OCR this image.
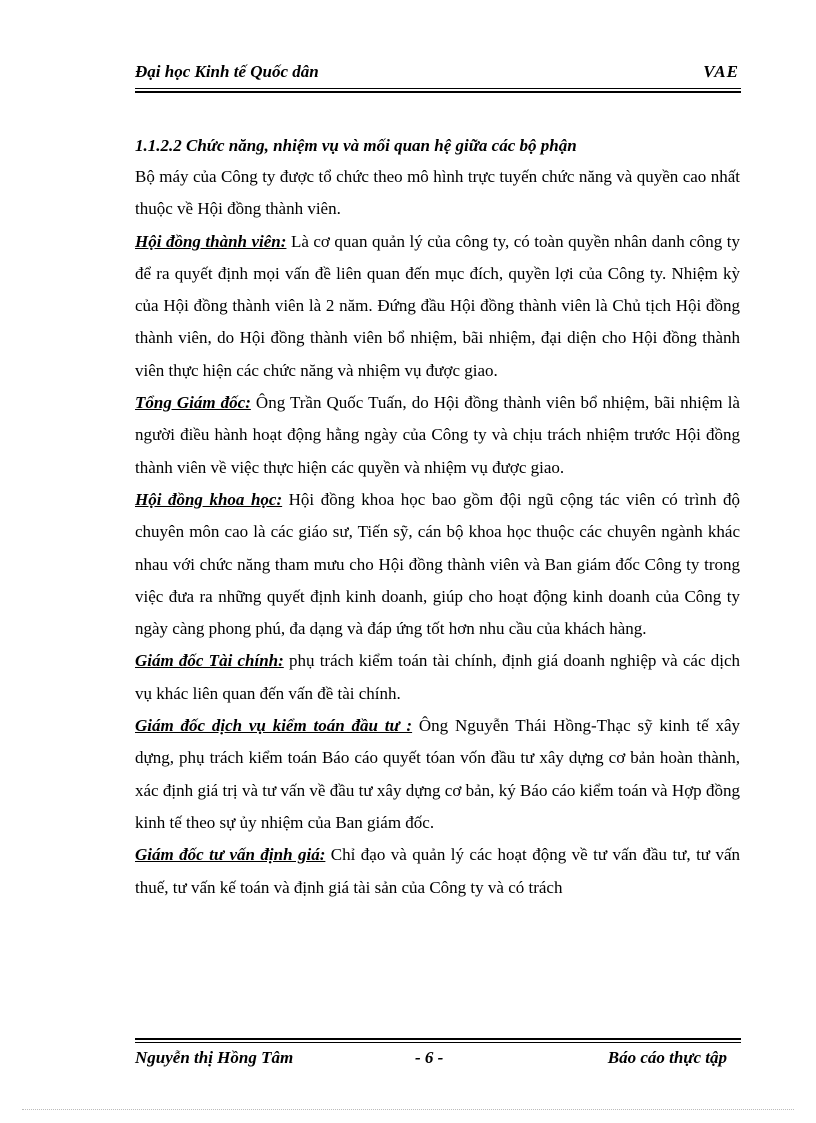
Đại học Kinh tế Quốc dân	VAE
1.1.2.2 Chức năng, nhiệm vụ và mối quan hệ giữa các bộ phận

Bộ máy của Công ty được tổ chức theo mô hình trực tuyến chức năng và quyền cao nhất thuộc về Hội đồng thành viên.

Hội đồng thành viên: Là cơ quan quản lý của công ty, có toàn quyền nhân danh công ty để ra quyết định mọi vấn đề liên quan đến mục đích, quyền lợi của Công ty. Nhiệm kỳ của Hội đồng thành viên là 2 năm. Đứng đầu Hội đồng thành viên là Chủ tịch Hội đồng thành viên, do Hội đồng thành viên bổ nhiệm, bãi nhiệm, đại diện cho Hội đồng thành viên thực hiện các chức năng và nhiệm vụ được giao.

Tổng Giám đốc: Ông Trần Quốc Tuấn, do Hội đồng thành viên bổ nhiệm, bãi nhiệm là người điều hành hoạt động hằng ngày của Công ty và chịu trách nhiệm trước Hội đồng thành viên về việc thực hiện các quyền và nhiệm vụ được giao.

Hội đồng khoa học: Hội đồng khoa học bao gồm đội ngũ cộng tác viên có trình độ chuyên môn cao là các giáo sư, Tiến sỹ, cán bộ khoa học thuộc các chuyên ngành khác nhau với chức năng tham mưu cho Hội đồng thành viên và Ban giám đốc Công ty trong việc đưa ra những quyết định kinh doanh, giúp cho hoạt động kinh doanh của Công ty ngày càng phong phú, đa dạng và đáp ứng tốt hơn nhu cầu của khách hàng.

Giám đốc Tài chính: phụ trách kiểm toán tài chính, định giá doanh nghiệp và các dịch vụ khác liên quan đến vấn đề tài chính.

Giám đốc dịch vụ kiểm toán đầu tư : Ông Nguyễn Thái Hồng-Thạc sỹ kinh tế xây dựng, phụ trách kiểm toán Báo cáo quyết tóan vốn đầu tư xây dựng cơ bản hoàn thành, xác định giá trị và tư vấn về đầu tư xây dựng cơ bản, ký Báo cáo kiểm toán và Hợp đồng kinh tế theo sự ủy nhiệm của Ban giám đốc.

Giám đốc tư vấn định giá: Chỉ đạo và quản lý các hoạt động về tư vấn đầu tư, tư vấn thuế, tư vấn kế toán và định giá tài sản của Công ty và có trách

Nguyễn thị Hồng Tâm	- 6 -	Báo cáo thực tập
